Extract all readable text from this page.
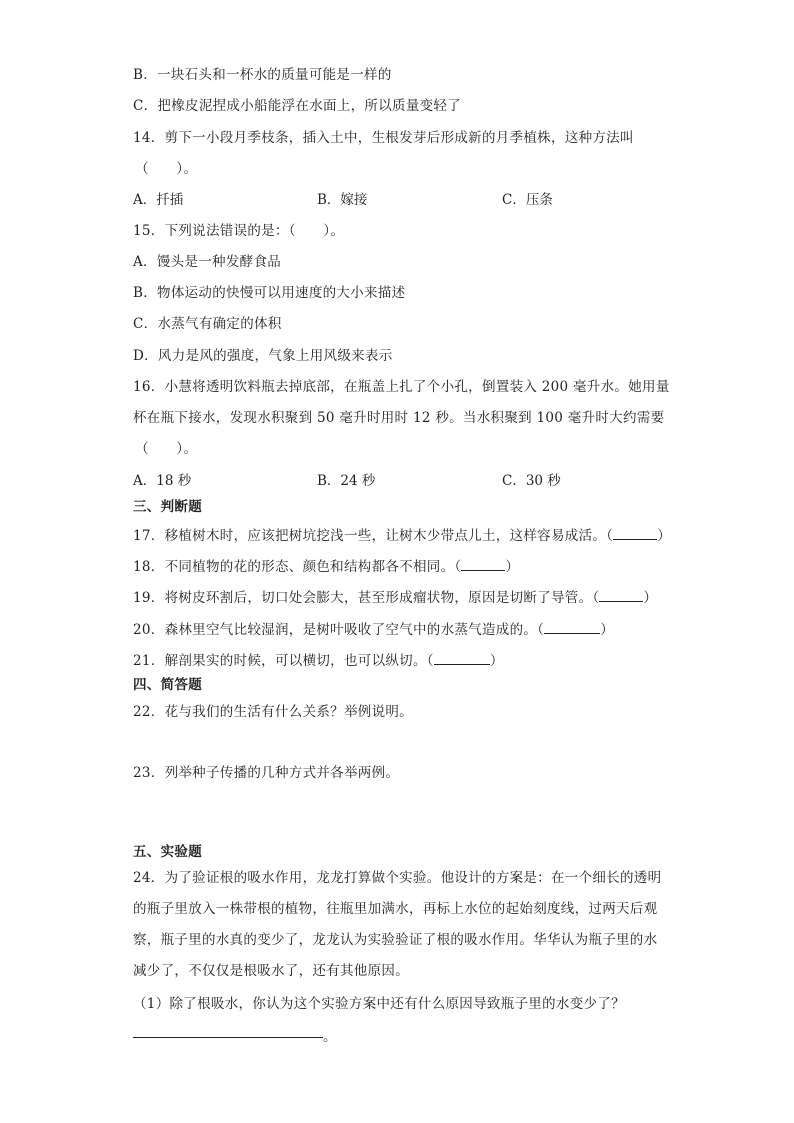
B．一块石头和一杯水的质量可能是一样的
C．把橡皮泥捏成小船能浮在水面上，所以质量变轻了
14．剪下一小段月季枝条，插入土中，生根发芽后形成新的月季植株，这种方法叫
（　　）。
A．扦插	B．嫁接	C．压条
15．下列说法错误的是：（　　）。
A．馒头是一种发酵食品
B．物体运动的快慢可以用速度的大小来描述
C．水蒸气有确定的体积
D．风力是风的强度，气象上用风级来表示
16．小慧将透明饮料瓶去掉底部，在瓶盖上扎了个小孔，倒置装入 200 毫升水。她用量
杯在瓶下接水，发现水积聚到 50 毫升时用时 12 秒。当水积聚到 100 毫升时大约需要
（　　）。
A．18 秒	B．24 秒	C．30 秒
三、判断题
17．移植树木时，应该把树坑挖浅一些，让树木少带点儿土，这样容易成活。（	）
18．不同植物的花的形态、颜色和结构都各不相同。（	）
19．将树皮环割后，切口处会膨大，甚至形成瘤状物，原因是切断了导管。（	）
20．森林里空气比较湿润，是树叶吸收了空气中的水蒸气造成的。（	）
21．解剖果实的时候，可以横切，也可以纵切。（	）
四、简答题
22．花与我们的生活有什么关系？举例说明。
23．列举种子传播的几种方式并各举两例。
五、实验题
24．为了验证根的吸水作用，龙龙打算做个实验。他设计的方案是：在一个细长的透明
的瓶子里放入一株带根的植物，往瓶里加满水，再标上水位的起始刻度线，过两天后观
察，瓶子里的水真的变少了，龙龙认为实验验证了根的吸水作用。华华认为瓶子里的水
减少了，不仅仅是根吸水了，还有其他原因。
（1）除了根吸水，你认为这个实验方案中还有什么原因导致瓶子里的水变少了？
。
